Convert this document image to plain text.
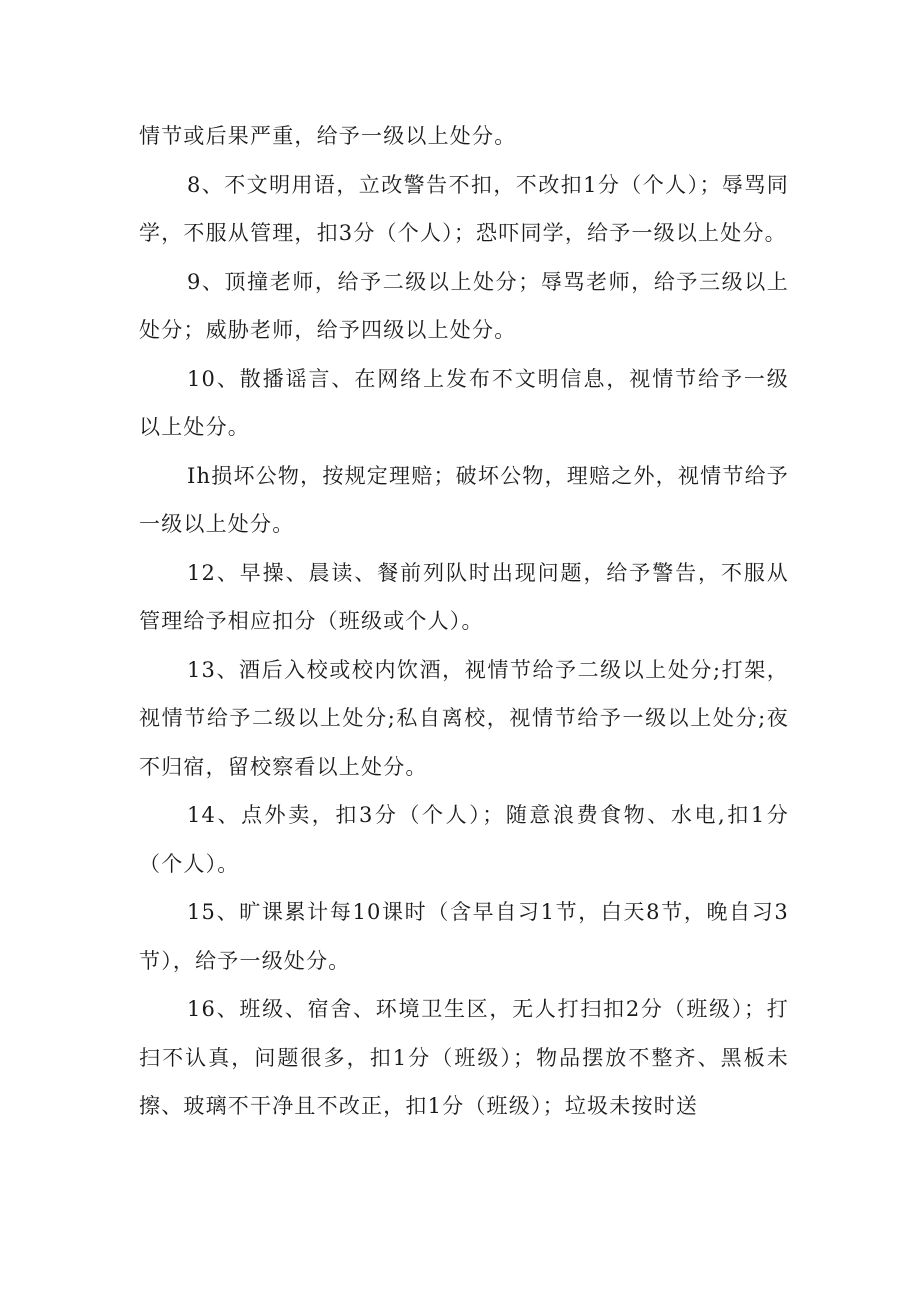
情节或后果严重，给予一级以上处分。

8、不文明用语，立改警告不扣，不改扣1分（个人）；辱骂同学，不服从管理，扣3分（个人）；恐吓同学，给予一级以上处分。

9、顶撞老师，给予二级以上处分；辱骂老师，给予三级以上处分；威胁老师，给予四级以上处分。

10、散播谣言、在网络上发布不文明信息，视情节给予一级以上处分。

Ih损坏公物，按规定理赔；破坏公物，理赔之外，视情节给予一级以上处分。

12、早操、晨读、餐前列队时出现问题，给予警告，不服从管理给予相应扣分（班级或个人）。

13、酒后入校或校内饮酒，视情节给予二级以上处分;打架，视情节给予二级以上处分;私自离校，视情节给予一级以上处分;夜不归宿，留校察看以上处分。

14、点外卖，扣3分（个人）；随意浪费食物、水电,扣1分（个人）。

15、旷课累计每10课时（含早自习1节，白天8节，晚自习3节），给予一级处分。

16、班级、宿舍、环境卫生区，无人打扫扣2分（班级）；打扫不认真，问题很多，扣1分（班级）；物品摆放不整齐、黑板未擦、玻璃不干净且不改正，扣1分（班级）；垃圾未按时送
